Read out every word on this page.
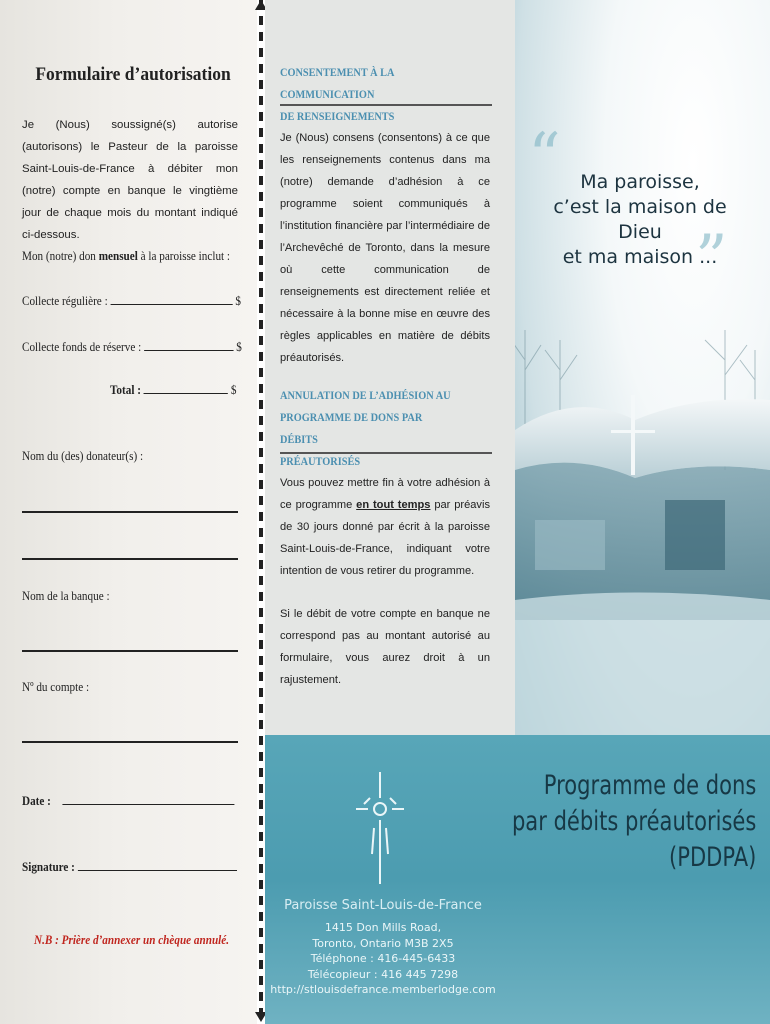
Formulaire d’autorisation
Je (Nous) soussigné(s) autorise (autorisons) le Pasteur de la paroisse Saint-Louis-de-France à débiter mon (notre) compte en banque le vingtième jour de chaque mois du montant indiqué ci-dessous.
Mon (notre) don mensuel à la paroisse inclut :
Collecte régulière :	$
Collecte fonds de réserve :	$
Total :	$
Nom du (des) donateur(s) :
Nom de la banque :
Nº du compte :
Date :
Signature :
N.B : Prière d’annexer un chèque annulé.
CONSENTEMENT À LA COMMUNICATION
DE RENSEIGNEMENTS
Je (Nous) consens (consentons) à ce que les renseignements contenus dans ma (notre) demande d’adhésion à ce programme soient communiqués à l’institution financière par l’intermédiaire de l’Archevêché de Toronto, dans la mesure où cette communication de renseignements est directement reliée et nécessaire à la bonne mise en œuvre des règles applicables en matière de débits préautorisés.
ANNULATION DE L’ADHÉSION AU
PROGRAMME DE DONS PAR DÉBITS
PRÉAUTORISÉS
Vous pouvez mettre fin à votre adhésion à ce programme en tout temps par préavis de 30 jours donné par écrit à la paroisse Saint-Louis-de-France, indiquant votre intention de vous retirer du programme.
Si le débit de votre compte en banque ne correspond pas au montant autorisé au formulaire, vous aurez droit à un rajustement.
“
”
Ma paroisse,
c’est la maison de Dieu
et ma maison ...
Programme de dons
par débits préautorisés
(PDDPA)
Paroisse Saint-Louis-de-France
1415 Don Mills Road,
Toronto, Ontario M3B 2X5
Téléphone : 416-445-6433
Télécopieur : 416 445 7298
http://stlouisdefrance.memberlodge.com
